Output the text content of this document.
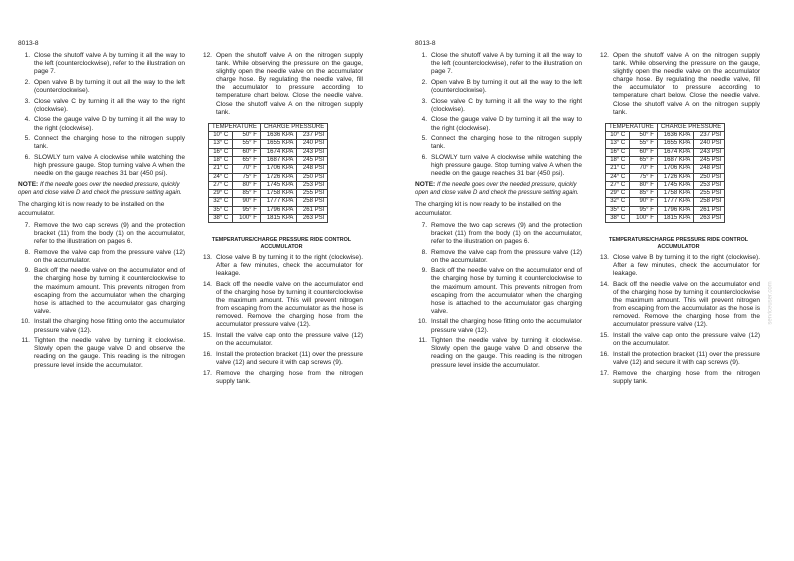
8013-8
1. Close the shutoff valve A by turning it all the way to the left (counterclockwise), refer to the illustration on page 7.
2. Open valve B by turning it out all the way to the left (counterclockwise).
3. Close valve C by turning it all the way to the right (clockwise).
4. Close the gauge valve D by turning it all the way to the right (clockwise).
5. Connect the charging hose to the nitrogen supply tank.
6. SLOWLY turn valve A clockwise while watching the high pressure gauge. Stop turning valve A when the needle on the gauge reaches 31 bar (450 psi).
NOTE: If the needle goes over the needed pressure, quickly open and close valve D and check the pressure setting again.
The charging kit is now ready to be installed on the accumulator.
7. Remove the two cap screws (9) and the protection bracket (11) from the body (1) on the accumulator, refer to the illustration on pages 6.
8. Remove the valve cap from the pressure valve (12) on the accumulator.
9. Back off the needle valve on the accumulator end of the charging hose by turning it counterclockwise to the maximum amount. This prevents nitrogen from escaping from the accumulator when the charging hose is attached to the accumulator gas charging valve.
10. Install the charging hose fitting onto the accumulator pressure valve (12).
11. Tighten the needle valve by turning it clockwise. Slowly open the gauge valve D and observe the reading on the gauge. This reading is the nitrogen pressure level inside the accumulator.
12. Open the shutoff valve A on the nitrogen supply tank. While observing the pressure on the gauge, slightly open the needle valve on the accumulator charge hose. By regulating the needle valve, fill the accumulator to pressure according to temperature chart below. Close the needle valve. Close the shutoff valve A on the nitrogen supply tank.
TEMPERATURE		CHARGE PRESSURE	
10° C	50° F	1636 KPA	237 PSI
13° C	55° F	1655 KPA	240 PSI
16° C	60° F	1674 KPA	243 PSI
18° C	65° F	1687 KPA	245 PSI
21° C	70° F	1706 KPA	248 PSI
24° C	75° F	1726 KPA	250 PSI
27° C	80° F	1745 KPA	253 PSI
29° C	85° F	1758 KPA	255 PSI
32° C	90° F	1777 KPA	258 PSI
35° C	95° F	1796 KPA	261 PSI
38° C	100° F	1815 KPA	263 PSI
TEMPERATURE/CHARGE PRESSURE RIDE CONTROL
ACCUMULATOR
13. Close valve B by turning it to the right (clockwise). After a few minutes, check the accumulator for leakage.
14. Back off the needle valve on the accumulator end of the charging hose by turning it counterclockwise the maximum amount. This will prevent nitrogen from escaping from the accumulator as the hose is removed. Remove the charging hose from the accumulator pressure valve (12).
15. Install the valve cap onto the pressure valve (12) on the accumulator.
16. Install the protection bracket (11) over the pressure valve (12) and secure it with cap screws (9).
17. Remove the charging hose from the nitrogen supply tank.
8013-8
serviceuser.com
1. Close the shutoff valve A by turning it all the way to the left (counterclockwise), refer to the illustration on page 7.
2. Open valve B by turning it out all the way to the left (counterclockwise).
3. Close valve C by turning it all the way to the right (clockwise).
4. Close the gauge valve D by turning it all the way to the right (clockwise).
5. Connect the charging hose to the nitrogen supply tank.
6. SLOWLY turn valve A clockwise while watching the high pressure gauge. Stop turning valve A when the needle on the gauge reaches 31 bar (450 psi).
NOTE: If the needle goes over the needed pressure, quickly open and close valve D and check the pressure setting again.
The charging kit is now ready to be installed on the accumulator.
7. Remove the two cap screws (9) and the protection bracket (11) from the body (1) on the accumulator, refer to the illustration on pages 6.
8. Remove the valve cap from the pressure valve (12) on the accumulator.
9. Back off the needle valve on the accumulator end of the charging hose by turning it counterclockwise to the maximum amount. This prevents nitrogen from escaping from the accumulator when the charging hose is attached to the accumulator gas charging valve.
10. Install the charging hose fitting onto the accumulator pressure valve (12).
11. Tighten the needle valve by turning it clockwise. Slowly open the gauge valve D and observe the reading on the gauge. This reading is the nitrogen pressure level inside the accumulator.
12. Open the shutoff valve A on the nitrogen supply tank. While observing the pressure on the gauge, slightly open the needle valve on the accumulator charge hose. By regulating the needle valve, fill the accumulator to pressure according to temperature chart below. Close the needle valve. Close the shutoff valve A on the nitrogen supply tank.
TEMPERATURE		CHARGE PRESSURE	
10° C	50° F	1636 KPA	237 PSI
13° C	55° F	1655 KPA	240 PSI
16° C	60° F	1674 KPA	243 PSI
18° C	65° F	1687 KPA	245 PSI
21° C	70° F	1706 KPA	248 PSI
24° C	75° F	1726 KPA	250 PSI
27° C	80° F	1745 KPA	253 PSI
29° C	85° F	1758 KPA	255 PSI
32° C	90° F	1777 KPA	258 PSI
35° C	95° F	1796 KPA	261 PSI
38° C	100° F	1815 KPA	263 PSI
TEMPERATURE/CHARGE PRESSURE RIDE CONTROL
ACCUMULATOR
13. Close valve B by turning it to the right (clockwise). After a few minutes, check the accumulator for leakage.
14. Back off the needle valve on the accumulator end of the charging hose by turning it counterclockwise the maximum amount. This will prevent nitrogen from escaping from the accumulator as the hose is removed. Remove the charging hose from the accumulator pressure valve (12).
15. Install the valve cap onto the pressure valve (12) on the accumulator.
16. Install the protection bracket (11) over the pressure valve (12) and secure it with cap screws (9).
17. Remove the charging hose from the nitrogen supply tank.
